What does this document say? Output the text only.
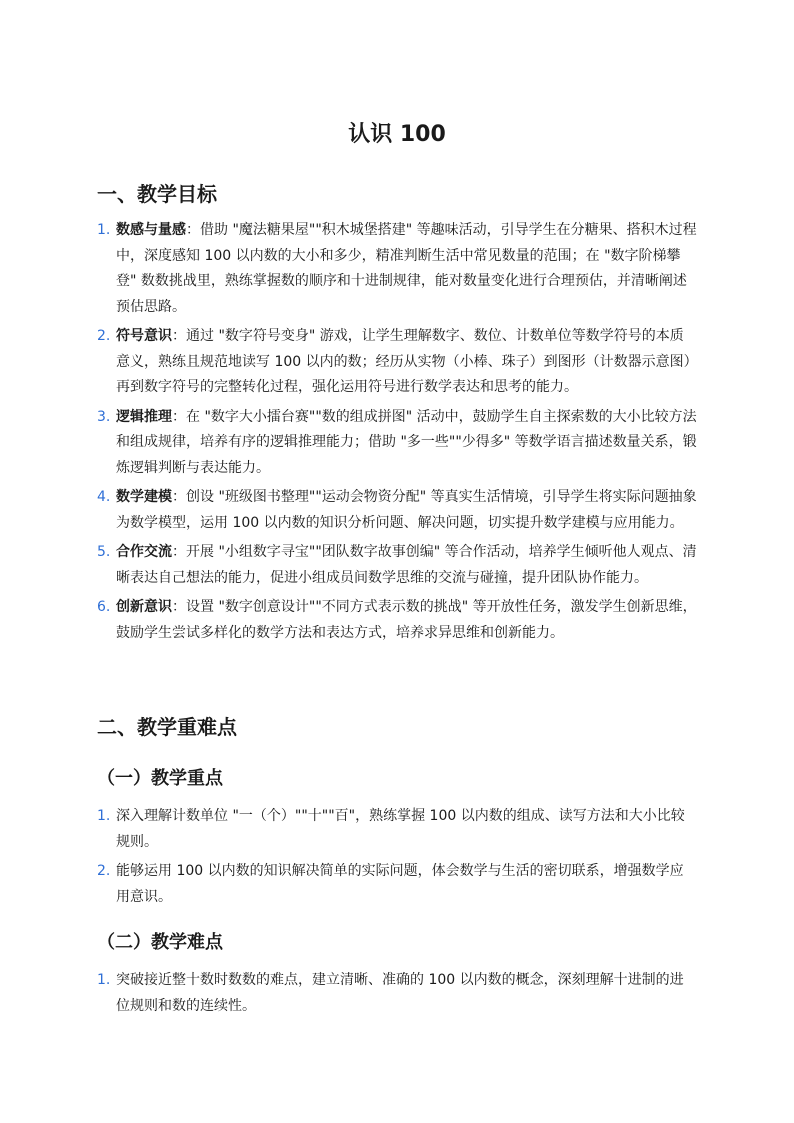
认识 100
一、教学目标
1. 数感与量感：借助 "魔法糖果屋""积木城堡搭建" 等趣味活动，引导学生在分糖果、搭积木过程中，深度感知 100 以内数的大小和多少，精准判断生活中常见数量的范围；在 "数字阶梯攀登" 数数挑战里，熟练掌握数的顺序和十进制规律，能对数量变化进行合理预估，并清晰阐述预估思路。
2. 符号意识：通过 "数字符号变身" 游戏，让学生理解数字、数位、计数单位等数学符号的本质意义，熟练且规范地读写 100 以内的数；经历从实物（小棒、珠子）到图形（计数器示意图）再到数字符号的完整转化过程，强化运用符号进行数学表达和思考的能力。
3. 逻辑推理：在 "数字大小擂台赛""数的组成拼图" 活动中，鼓励学生自主探索数的大小比较方法和组成规律，培养有序的逻辑推理能力；借助 "多一些""少得多" 等数学语言描述数量关系，锻炼逻辑判断与表达能力。
4. 数学建模：创设 "班级图书整理""运动会物资分配" 等真实生活情境，引导学生将实际问题抽象为数学模型，运用 100 以内数的知识分析问题、解决问题，切实提升数学建模与应用能力。
5. 合作交流：开展 "小组数字寻宝""团队数字故事创编" 等合作活动，培养学生倾听他人观点、清晰表达自己想法的能力，促进小组成员间数学思维的交流与碰撞，提升团队协作能力。
6. 创新意识：设置 "数字创意设计""不同方式表示数的挑战" 等开放性任务，激发学生创新思维，鼓励学生尝试多样化的数学方法和表达方式，培养求异思维和创新能力。
二、教学重难点
（一）教学重点
1. 深入理解计数单位 "一（个）""十""百"，熟练掌握 100 以内数的组成、读写方法和大小比较规则。
2. 能够运用 100 以内数的知识解决简单的实际问题，体会数学与生活的密切联系，增强数学应用意识。
（二）教学难点
1. 突破接近整十数时数数的难点，建立清晰、准确的 100 以内数的概念，深刻理解十进制的进位规则和数的连续性。
